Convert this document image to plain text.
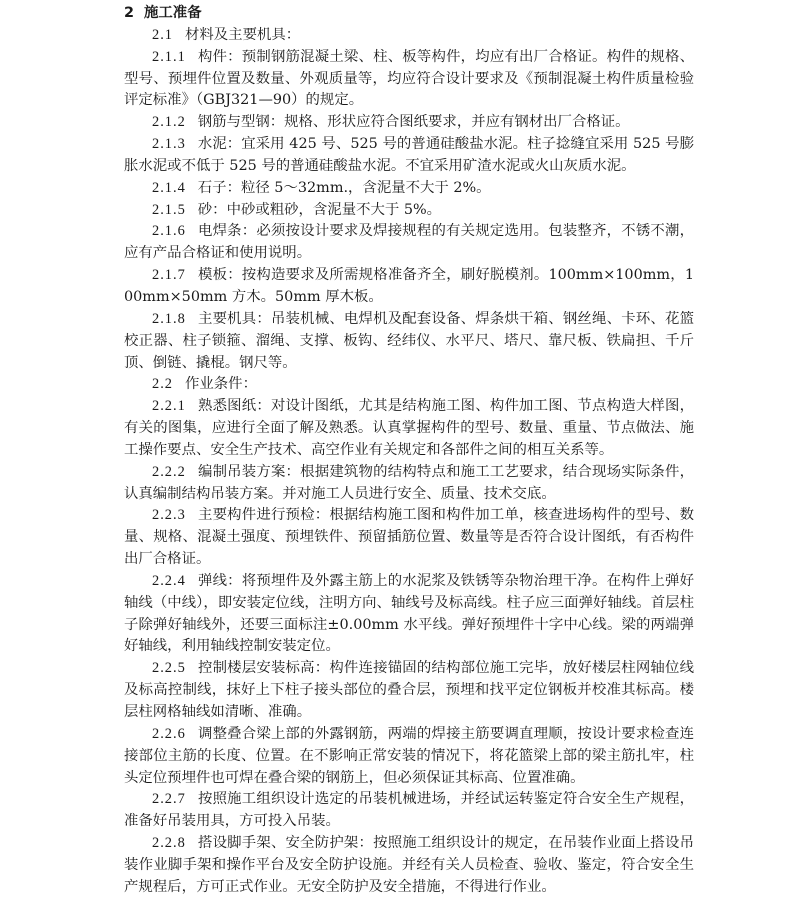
2 施工准备

2.1 材料及主要机具：

2.1.1 构件：预制钢筋混凝土梁、柱、板等构件，均应有出厂合格证。构件的规格、型号、预埋件位置及数量、外观质量等，均应符合设计要求及《预制混凝土构件质量检验评定标准》（GBJ321—90）的规定。

2.1.2 钢筋与型钢：规格、形状应符合图纸要求，并应有钢材出厂合格证。

2.1.3 水泥：宜采用 425 号、525 号的普通硅酸盐水泥。柱子捻缝宜采用 525 号膨胀水泥或不低于 525 号的普通硅酸盐水泥。不宜采用矿渣水泥或火山灰质水泥。

2.1.4 石子：粒径 5～32mm.，含泥量不大于 2%。

2.1.5 砂：中砂或粗砂，含泥量不大于 5%。

2.1.6 电焊条：必须按设计要求及焊接规程的有关规定选用。包装整齐，不锈不潮，应有产品合格证和使用说明。

2.1.7 模板：按构造要求及所需规格准备齐全，刷好脱模剂。100mm×100mm，100mm×50mm 方木。50mm 厚木板。

2.1.8 主要机具：吊装机械、电焊机及配套设备、焊条烘干箱、钢丝绳、卡环、花篮校正器、柱子锁箍、溜绳、支撑、板钩、经纬仪、水平尺、塔尺、靠尺板、铁扁担、千斤顶、倒链、撬棍。钢尺等。

2.2 作业条件：

2.2.1 熟悉图纸：对设计图纸，尤其是结构施工图、构件加工图、节点构造大样图，有关的图集，应进行全面了解及熟悉。认真掌握构件的型号、数量、重量、节点做法、施工操作要点、安全生产技术、高空作业有关规定和各部件之间的相互关系等。

2.2.2 编制吊装方案：根据建筑物的结构特点和施工工艺要求，结合现场实际条件，认真编制结构吊装方案。并对施工人员进行安全、质量、技术交底。

2.2.3 主要构件进行预检：根据结构施工图和构件加工单，核查进场构件的型号、数量、规格、混凝土强度、预埋铁件、预留插筋位置、数量等是否符合设计图纸，有否构件出厂合格证。

2.2.4 弹线：将预埋件及外露主筋上的水泥浆及铁锈等杂物治理干净。在构件上弹好轴线（中线），即安装定位线，注明方向、轴线号及标高线。柱子应三面弹好轴线。首层柱子除弹好轴线外，还要三面标注±0.00mm 水平线。弹好预埋件十字中心线。梁的两端弹好轴线，利用轴线控制安装定位。

2.2.5 控制楼层安装标高：构件连接锚固的结构部位施工完毕，放好楼层柱网轴位线及标高控制线，抹好上下柱子接头部位的叠合层，预埋和找平定位钢板并校准其标高。楼层柱网格轴线如清晰、准确。

2.2.6 调整叠合梁上部的外露钢筋，两端的焊接主筋要调直理顺，按设计要求检查连接部位主筋的长度、位置。在不影响正常安装的情况下，将花篮梁上部的梁主筋扎牢，柱头定位预埋件也可焊在叠合梁的钢筋上，但必须保证其标高、位置准确。

2.2.7 按照施工组织设计选定的吊装机械进场，并经试运转鉴定符合安全生产规程，准备好吊装用具，方可投入吊装。

2.2.8 搭设脚手架、安全防护架：按照施工组织设计的规定，在吊装作业面上搭设吊装作业脚手架和操作平台及安全防护设施。并经有关人员检查、验收、鉴定，符合安全生产规程后，方可正式作业。无安全防护及安全措施，不得进行作业。
